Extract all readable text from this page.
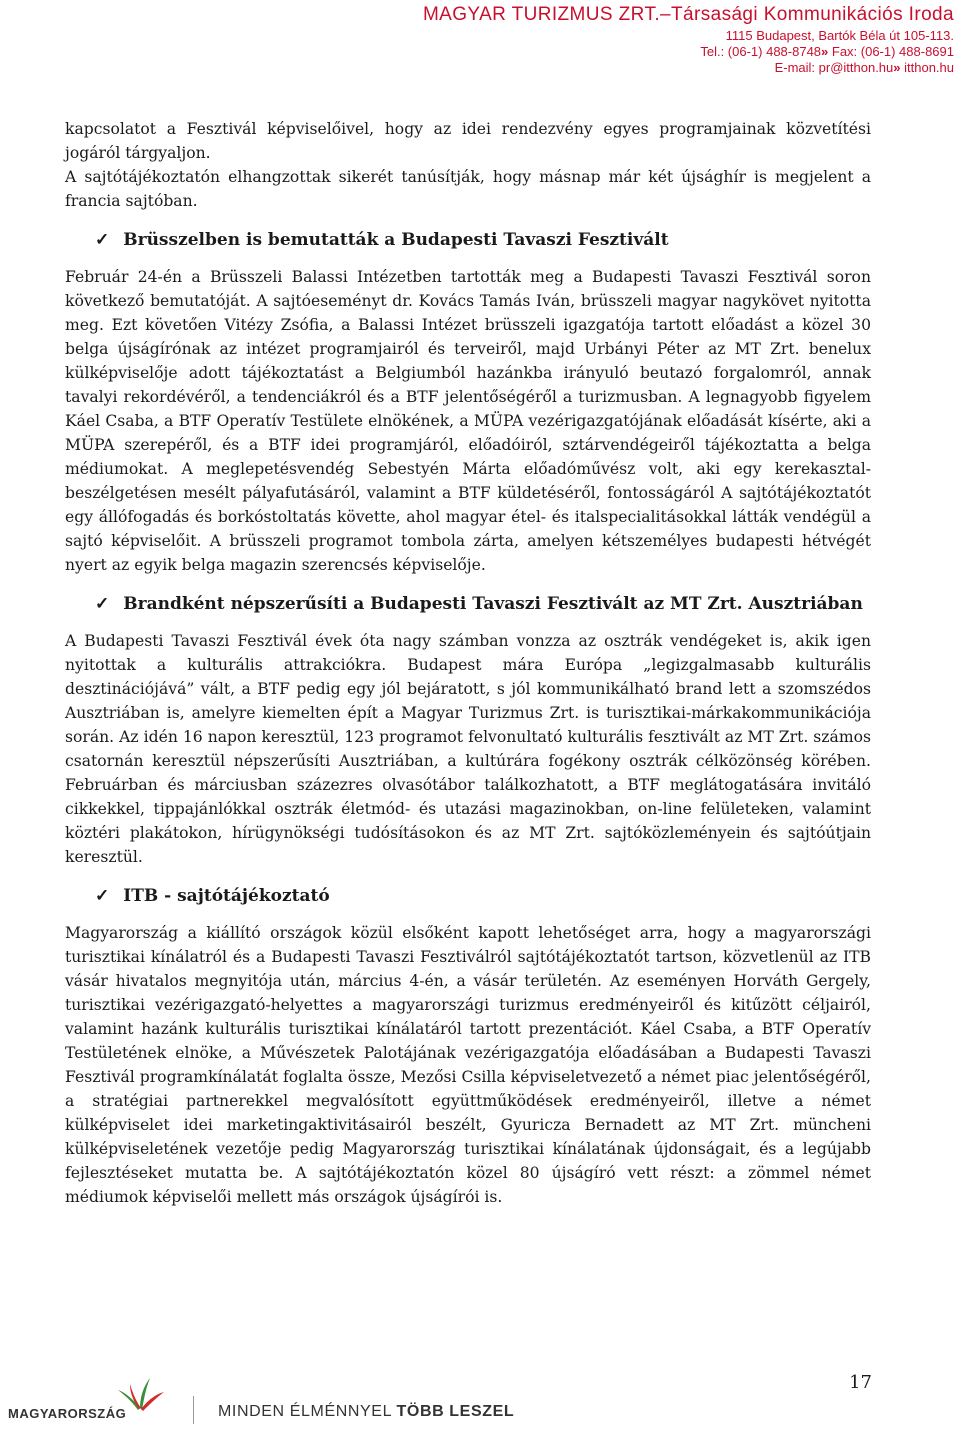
MAGYAR TURIZMUS ZRT.–Társasági Kommunikációs Iroda
1115 Budapest, Bartók Béla út 105-113.
Tel.: (06-1) 488-8748» Fax: (06-1) 488-8691
E-mail: pr@itthon.hu» itthon.hu

kapcsolatot a Fesztivál képviselőivel, hogy az idei rendezvény egyes programjainak közvetítési jogáról tárgyaljon.

A sajtótájékoztatón elhangzottak sikerét tanúsítják, hogy másnap már két újsághír is megjelent a francia sajtóban.

✓ Brüsszelben is bemutatták a Budapesti Tavaszi Fesztivált

Február 24-én a Brüsszeli Balassi Intézetben tartották meg a Budapesti Tavaszi Fesztivál soron következő bemutatóját. A sajtóeseményt dr. Kovács Tamás Iván, brüsszeli magyar nagykövet nyitotta meg. Ezt követően Vitézy Zsófia, a Balassi Intézet brüsszeli igazgatója tartott előadást a közel 30 belga újságírónak az intézet programjairól és terveiről, majd Urbányi Péter az MT Zrt. benelux külképviselője adott tájékoztatást a Belgiumból hazánkba irányuló beutazó forgalomról, annak tavalyi rekordévéről, a tendenciákról és a BTF jelentőségéről a turizmusban. A legnagyobb figyelem Káel Csaba, a BTF Operatív Testülete elnökének, a MÜPA vezérigazgatójának előadását kísérte, aki a MÜPA szerepéről, és a BTF idei programjáról, előadóiról, sztárvendégeiről tájékoztatta a belga médiumokat. A meglepetésvendég Sebestyén Márta előadóművész volt, aki egy kerekasztal-beszélgetésen mesélt pályafutásáról, valamint a BTF küldetéséről, fontosságáról A sajtótájékoztatót egy állófogadás és borkóstoltatás követte, ahol magyar étel- és italspecialitásokkal látták vendégül a sajtó képviselőit. A brüsszeli programot tombola zárta, amelyen kétszemélyes budapesti hétvégét nyert az egyik belga magazin szerencsés képviselője.

✓ Brandként népszerűsíti a Budapesti Tavaszi Fesztivált az MT Zrt. Ausztriában

A Budapesti Tavaszi Fesztivál évek óta nagy számban vonzza az osztrák vendégeket is, akik igen nyitottak a kulturális attrakciókra. Budapest mára Európa „legizgalmasabb kulturális desztinációjává” vált, a BTF pedig egy jól bejáratott, s jól kommunikálható brand lett a szomszédos Ausztriában is, amelyre kiemelten épít a Magyar Turizmus Zrt. is turisztikai-márkakommunikációja során. Az idén 16 napon keresztül, 123 programot felvonultató kulturális fesztivált az MT Zrt. számos csatornán keresztül népszerűsíti Ausztriában, a kultúrára fogékony osztrák célközönség körében. Februárban és márciusban százezres olvasótábor találkozhatott, a BTF meglátogatására invitáló cikkekkel, tippajánlókkal osztrák életmód- és utazási magazinokban, on-line felületeken, valamint köztéri plakátokon, hírügynökségi tudósításokon és az MT Zrt. sajtóközleményein és sajtóútjain keresztül.

✓ ITB - sajtótájékoztató

Magyarország a kiállító országok közül elsőként kapott lehetőséget arra, hogy a magyarországi turisztikai kínálatról és a Budapesti Tavaszi Fesztiválról sajtótájékoztatót tartson, közvetlenül az ITB vásár hivatalos megnyitója után, március 4-én, a vásár területén. Az eseményen Horváth Gergely, turisztikai vezérigazgató-helyettes a magyarországi turizmus eredményeiről és kitűzött céljairól, valamint hazánk kulturális turisztikai kínálatáról tartott prezentációt. Káel Csaba, a BTF Operatív Testületének elnöke, a Művészetek Palotájának vezérigazgatója előadásában a Budapesti Tavaszi Fesztivál programkínálatát foglalta össze, Mezősi Csilla képviseletvezető a német piac jelentőségéről, a stratégiai partnerekkel megvalósított együttműködések eredményeiről, illetve a német külképviselet idei marketingaktivitásairól beszélt, Gyuricza Bernadett az MT Zrt. müncheni külképviseletének vezetője pedig Magyarország turisztikai kínálatának újdonságait, és a legújabb fejlesztéseket mutatta be. A sajtótájékoztatón közel 80 újságíró vett részt: a zömmel német médiumok képviselői mellett más országok újságírói is.

17
MAGYARORSZÁG	MINDEN ÉLMÉNNYEL TÖBB LESZEL
